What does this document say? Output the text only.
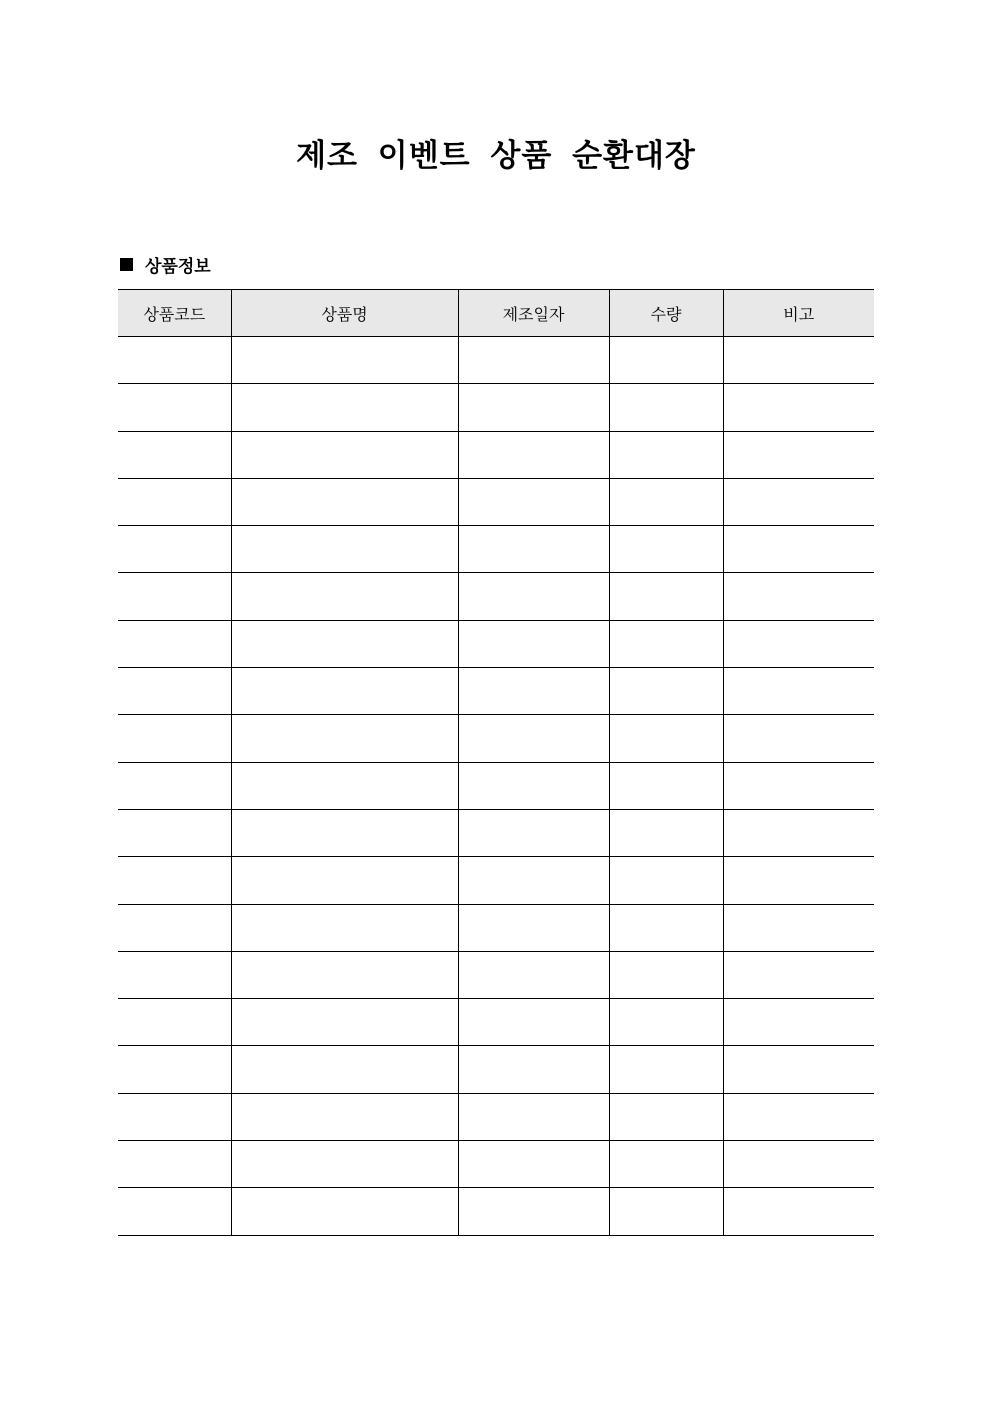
제조 이벤트 상품 순환대장
상품정보
상품코드	상품명	제조일자	수량	비고
